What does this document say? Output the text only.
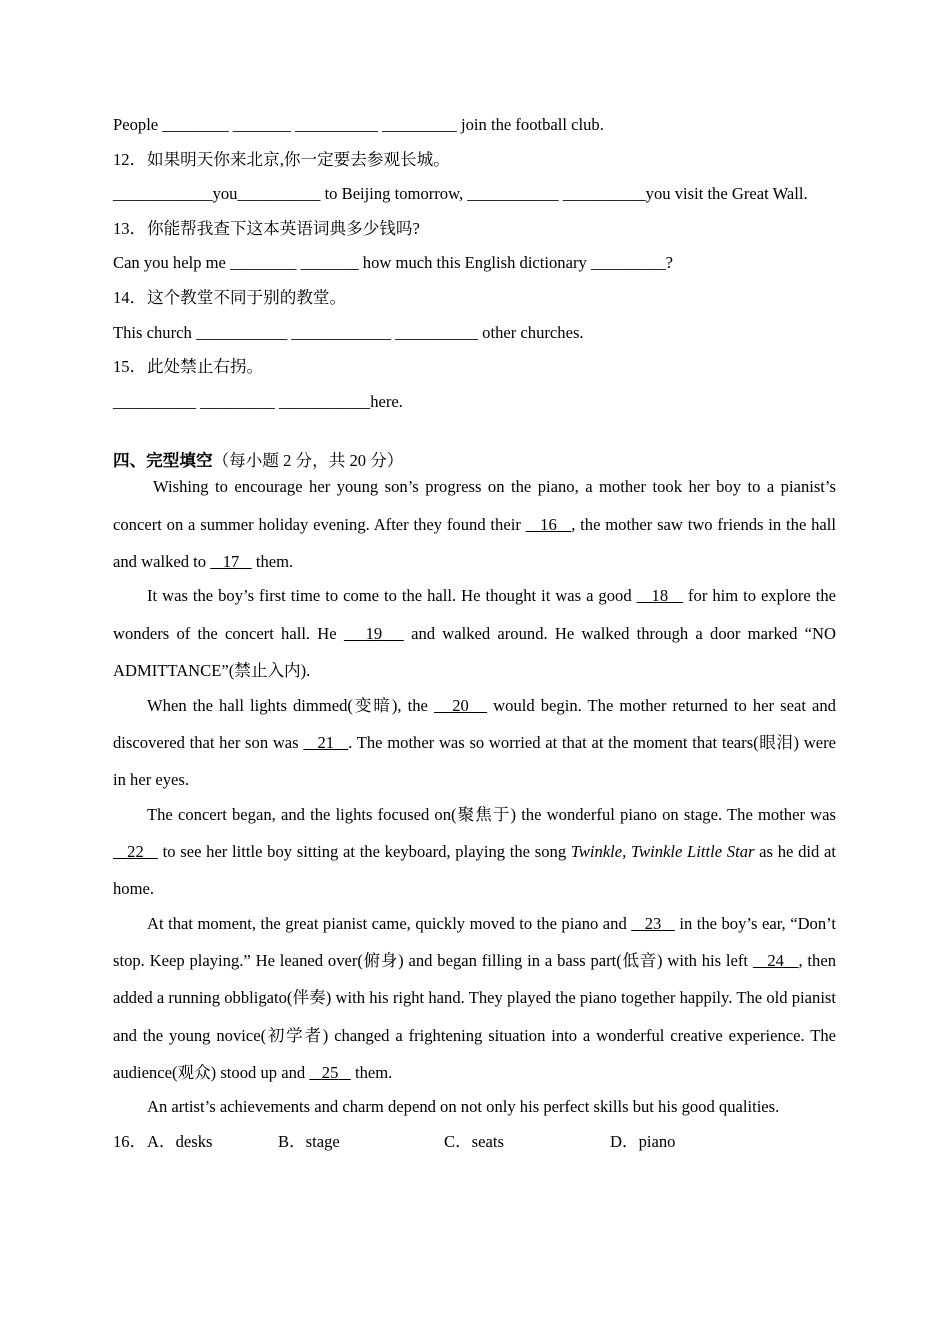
People ________ _______ __________ _________ join the football club.
12．如果明天你来北京,你一定要去参观长城。
____________you__________ to Beijing tomorrow, ___________ __________you visit the Great Wall.
13．你能帮我查下这本英语词典多少钱吗?
Can you help me ________ _______ how much this English dictionary _________?
14．这个教堂不同于别的教堂。
This church ___________ ____________ __________ other churches.
15．此处禁止右拐。
__________ _________ ___________here.
四、完型填空（每小题 2 分，共 20 分）

Wishing to encourage her young son’s progress on the piano, a mother took her boy to a pianist’s concert on a summer holiday evening. After they found their 16 , the mother saw two friends in the hall and walked to 17 them.

It was the boy’s first time to come to the hall. He thought it was a good 18 for him to explore the wonders of the concert hall. He 19 and walked around. He walked through a door marked “NO ADMITTANCE”(禁止入内).

When the hall lights dimmed(变暗), the 20 would begin. The mother returned to her seat and discovered that her son was 21 . The mother was so worried at that at the moment that tears(眼泪) were in her eyes.

The concert began, and the lights focused on(聚焦于) the wonderful piano on stage. The mother was 22 to see her little boy sitting at the keyboard, playing the song Twinkle, Twinkle Little Star as he did at home.

At that moment, the great pianist came, quickly moved to the piano and 23 in the boy’s ear, “Don’t stop. Keep playing.” He leaned over(俯身) and began filling in a bass part(低音) with his left 24 , then added a running obbligato(伴奏) with his right hand. They played the piano together happily. The old pianist and the young novice(初学者) changed a frightening situation into a wonderful creative experience. The audience(观众) stood up and 25 them.

An artist’s achievements and charm depend on not only his perfect skills but his good qualities.

16．A．desks	B．stage	C．seats	D．piano
